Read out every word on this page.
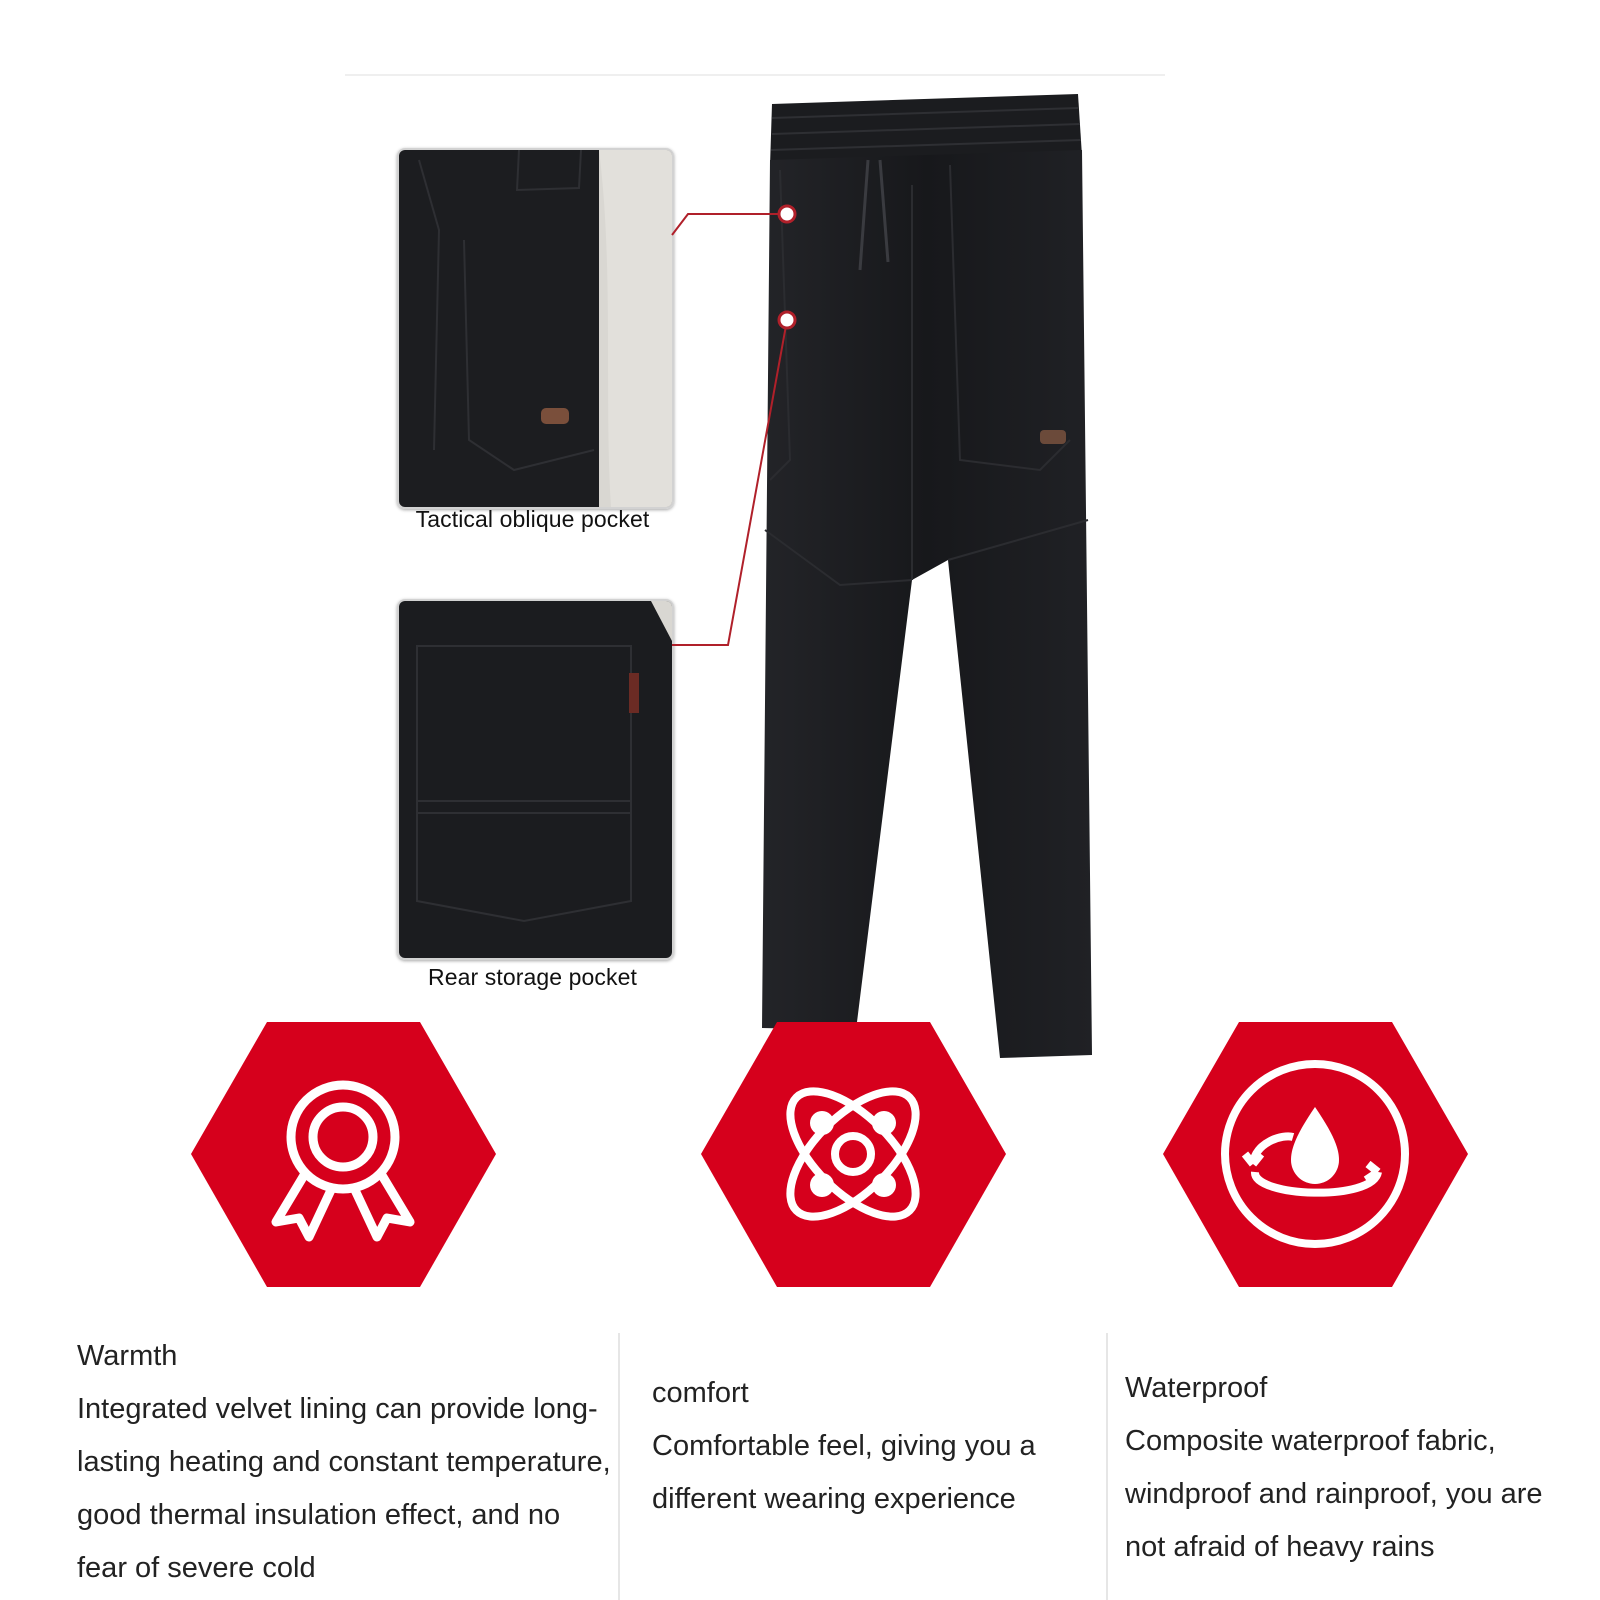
Tactical oblique pocket
Rear storage pocket
Warmth
Integrated velvet lining can provide long-lasting heating and constant temperature, good thermal insulation effect, and no fear of severe cold
comfort
Comfortable feel, giving you a different wearing experience
Waterproof
Composite waterproof fabric, windproof and rainproof, you are not afraid of heavy rains
